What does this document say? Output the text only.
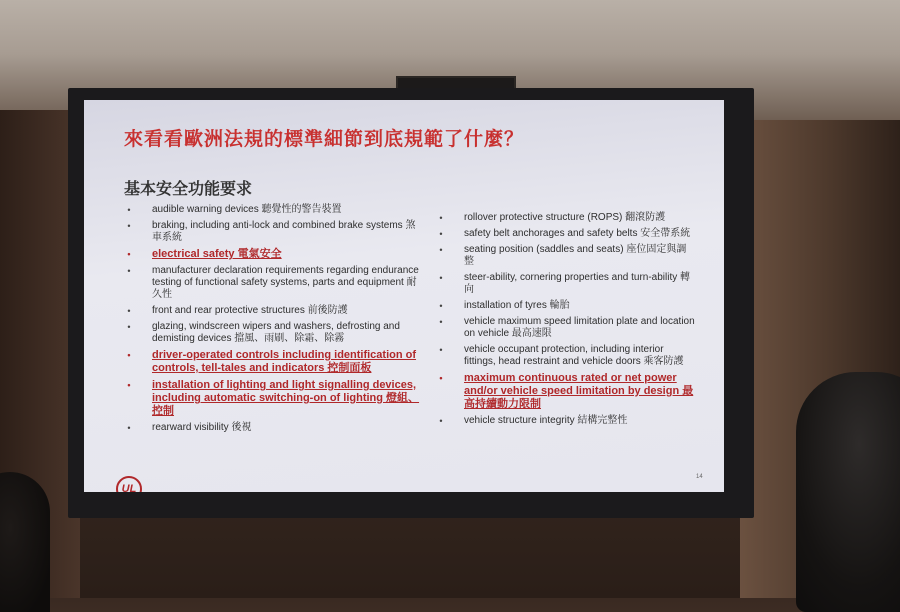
來看看歐洲法規的標準細節到底規範了什麼？
基本安全功能要求
•	audible warning devices 聽覺性的警告裝置
•	braking, including anti-lock and combined brake systems 煞車系統
•	electrical safety 電氣安全
•	manufacturer declaration requirements regarding endurance testing of functional safety systems, parts and equipment 耐久性
•	front and rear protective structures 前後防護
•	glazing, windscreen wipers and washers, defrosting and demisting devices 擋風、雨刷、除霜、除霧
•	driver-operated controls including identification of controls, tell-tales and indicators 控制面板
•	installation of lighting and light signalling devices, including automatic switching-on of lighting 燈組、控制
•	rearward visibility 後視
•	rollover protective structure (ROPS) 翻滾防護
•	safety belt anchorages and safety belts 安全帶系統
•	seating position (saddles and seats) 座位固定與調整
•	steer-ability, cornering properties and turn-ability 轉向
•	installation of tyres 輪胎
•	vehicle maximum speed limitation plate and location on vehicle 最高速限
•	vehicle occupant protection, including interior fittings, head restraint and vehicle doors 乘客防護
•	maximum continuous rated or net power and/or vehicle speed limitation by design 最高持續動力限制
•	vehicle structure integrity 結構完整性
UL
14
